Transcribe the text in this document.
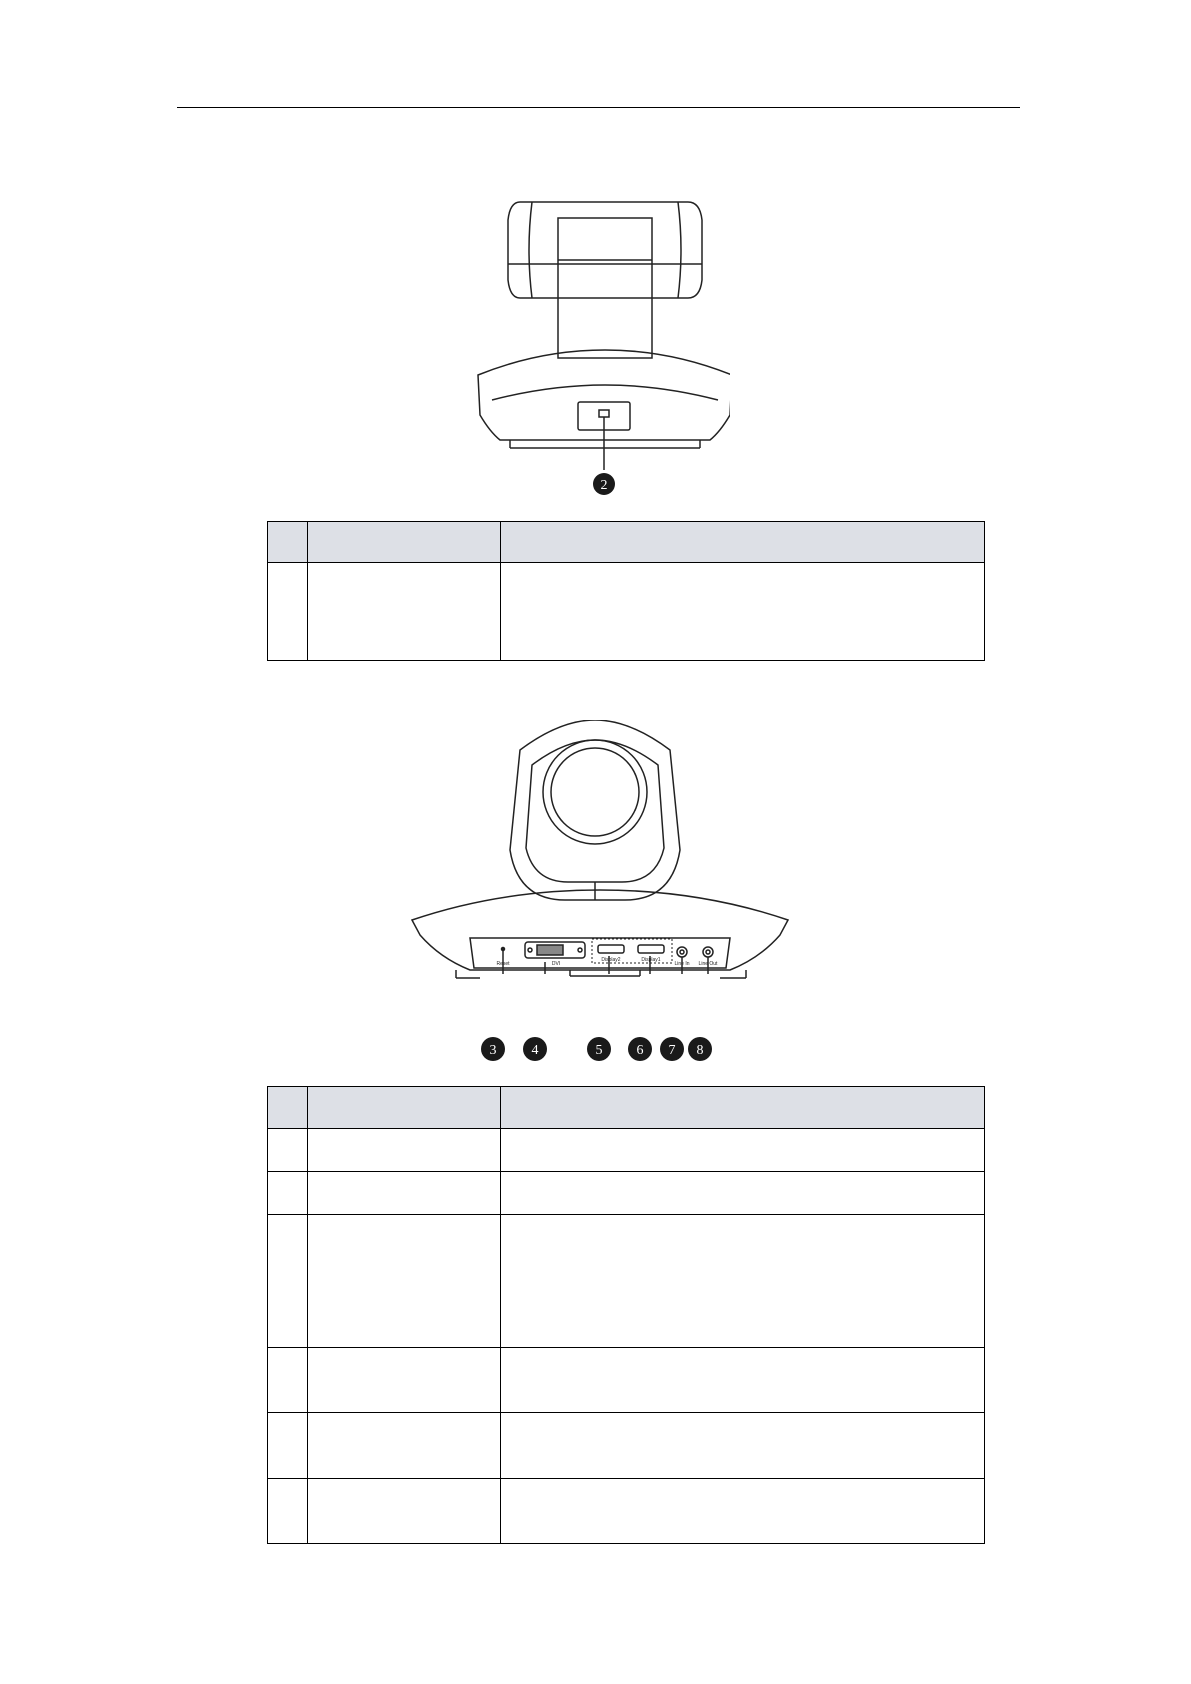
2

Reset	DVI
Display2	Display1
Line In Line Out
3	4	5 6 7 8
